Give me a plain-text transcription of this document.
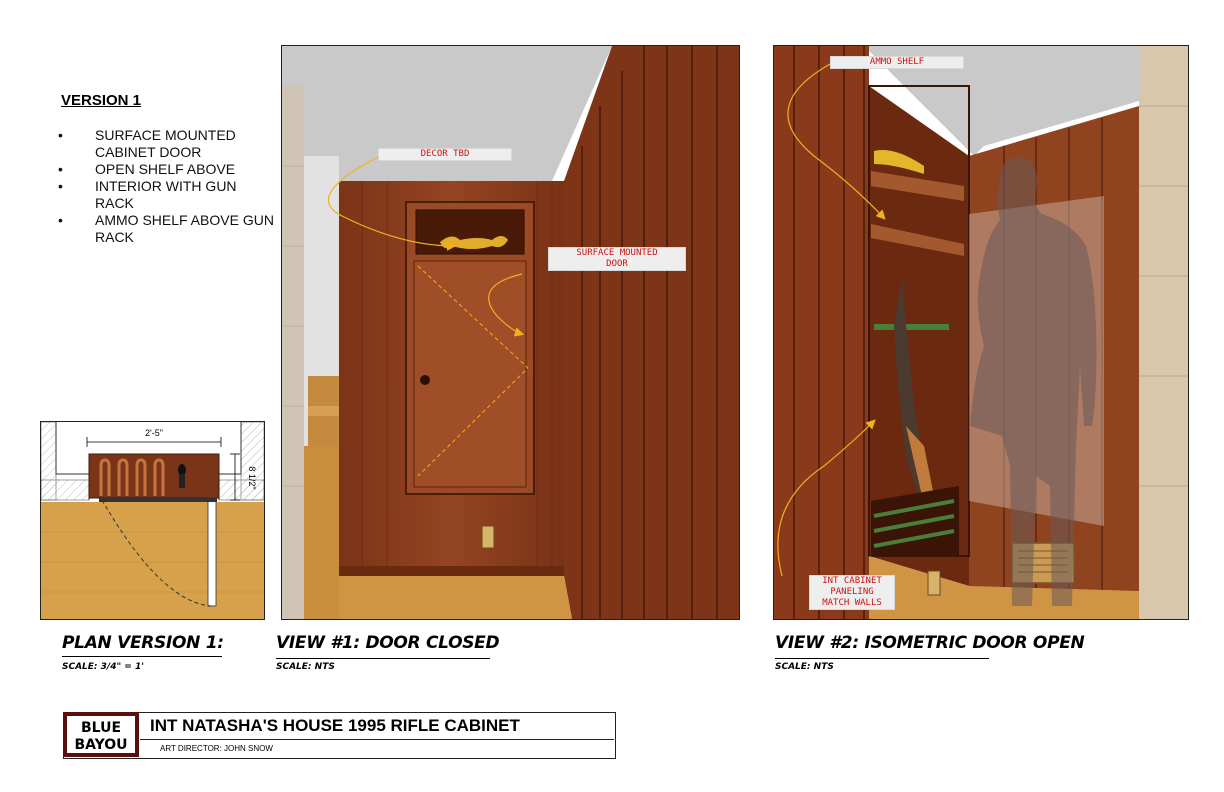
VERSION 1
• SURFACE MOUNTED CABINET DOOR
• OPEN SHELF ABOVE
• INTERIOR WITH GUN RACK
• AMMO SHELF ABOVE GUN RACK
2'-5"
8 1/2"
DECOR TBD
SURFACE MOUNTED
DOOR
AMMO SHELF
INT CABINET
PANELING
MATCH WALLS
PLAN VERSION 1:
SCALE: 3/4" = 1'
VIEW #1: DOOR CLOSED
SCALE: NTS
VIEW #2: ISOMETRIC DOOR OPEN
SCALE: NTS
BLUE
BAYOU
INT NATASHA'S HOUSE 1995 RIFLE CABINET
ART DIRECTOR: JOHN SNOW
